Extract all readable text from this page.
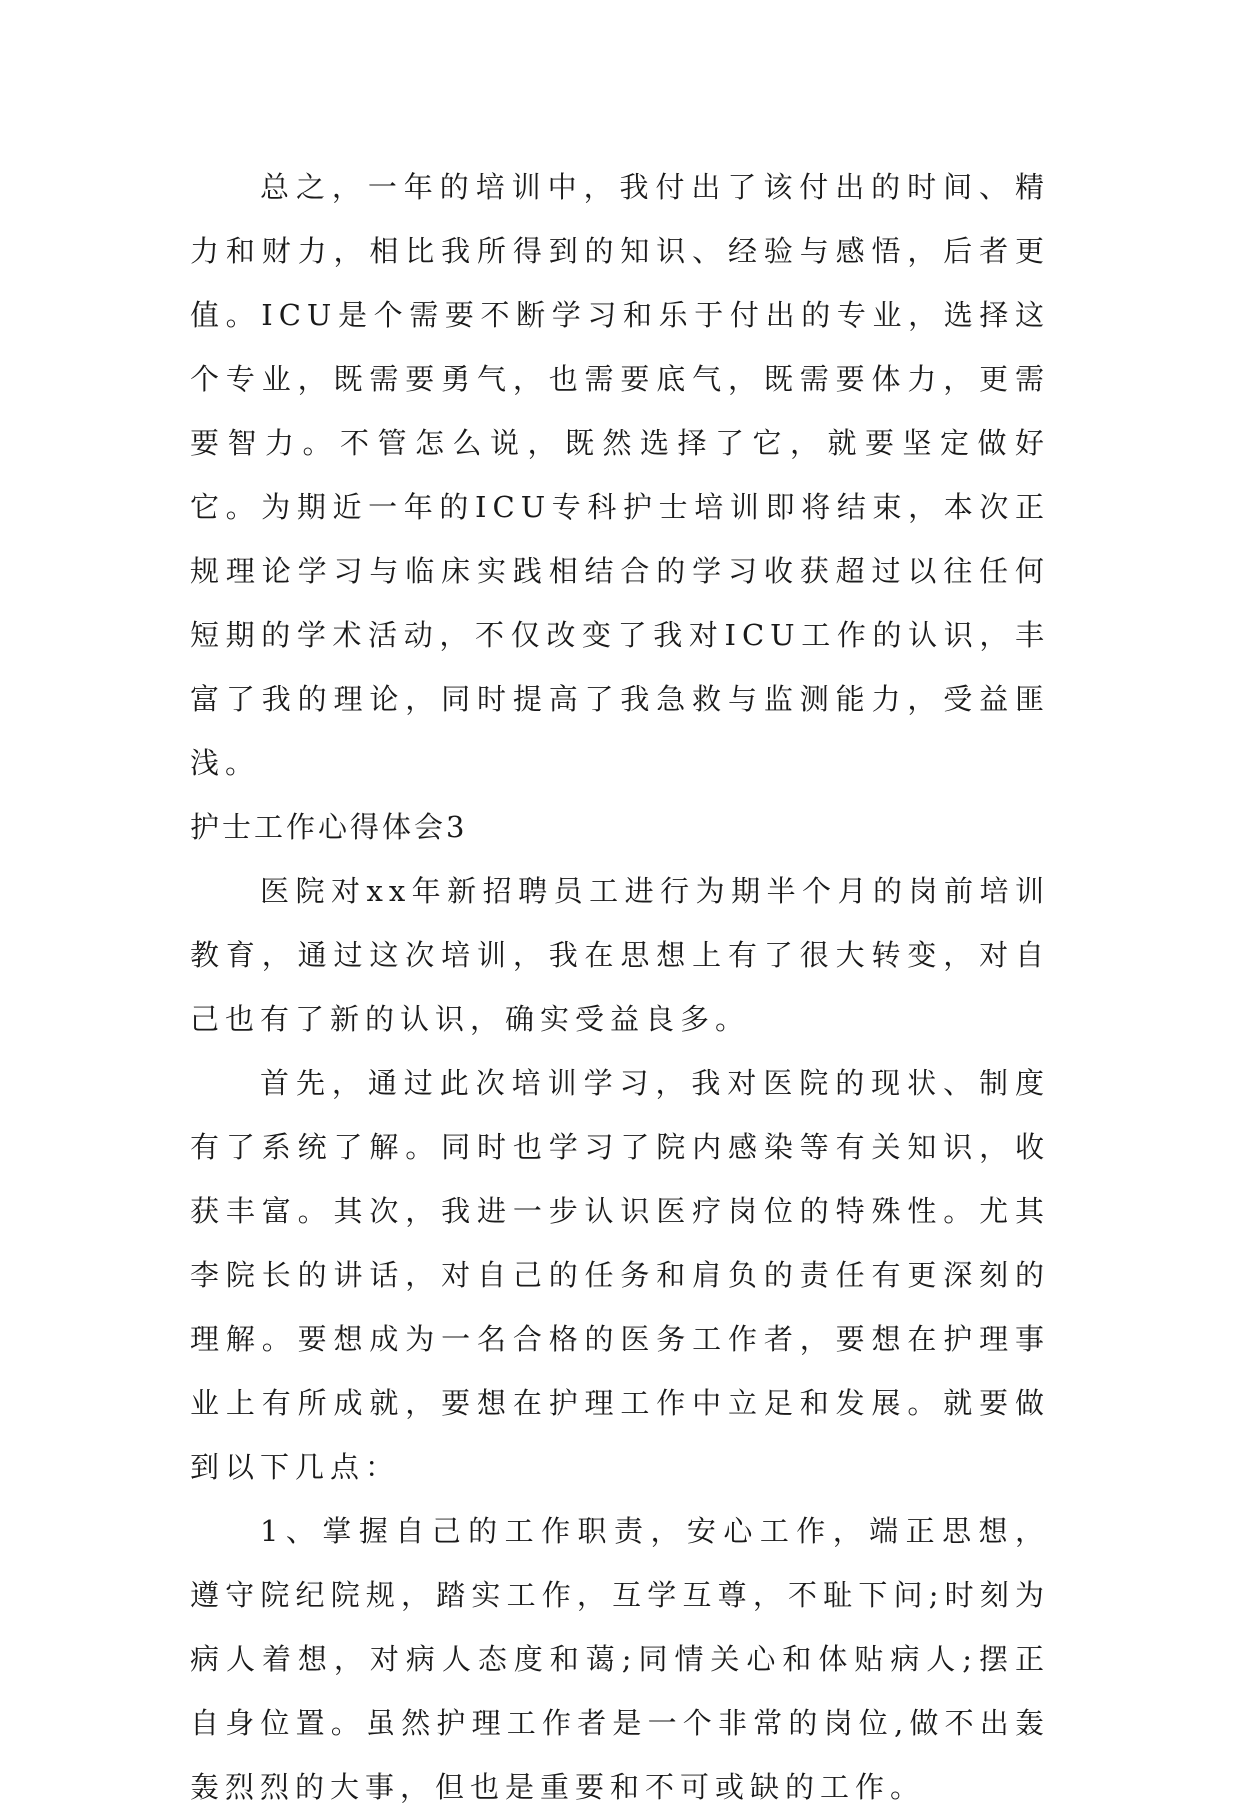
总之，一年的培训中，我付出了该付出的时间、精力和财力，相比我所得到的知识、经验与感悟，后者更值。ICU是个需要不断学习和乐于付出的专业，选择这个专业，既需要勇气，也需要底气，既需要体力，更需要智力。不管怎么说，既然选择了它，就要坚定做好它。为期近一年的ICU专科护士培训即将结束，本次正规理论学习与临床实践相结合的学习收获超过以往任何短期的学术活动，不仅改变了我对ICU工作的认识，丰富了我的理论，同时提高了我急救与监测能力，受益匪浅。

护士工作心得体会3

医院对xx年新招聘员工进行为期半个月的岗前培训教育，通过这次培训，我在思想上有了很大转变，对自己也有了新的认识，确实受益良多。

首先，通过此次培训学习，我对医院的现状、制度有了系统了解。同时也学习了院内感染等有关知识，收获丰富。其次，我进一步认识医疗岗位的特殊性。尤其李院长的讲话，对自己的任务和肩负的责任有更深刻的理解。要想成为一名合格的医务工作者，要想在护理事业上有所成就，要想在护理工作中立足和发展。就要做到以下几点：

1、掌握自己的工作职责，安心工作，端正思想，遵守院纪院规，踏实工作，互学互尊，不耻下问;时刻为病人着想，对病人态度和蔼;同情关心和体贴病人;摆正自身位置。虽然护理工作者是一个非常的岗位,做不出轰轰烈烈的大事，但也是重要和不可或缺的工作。
